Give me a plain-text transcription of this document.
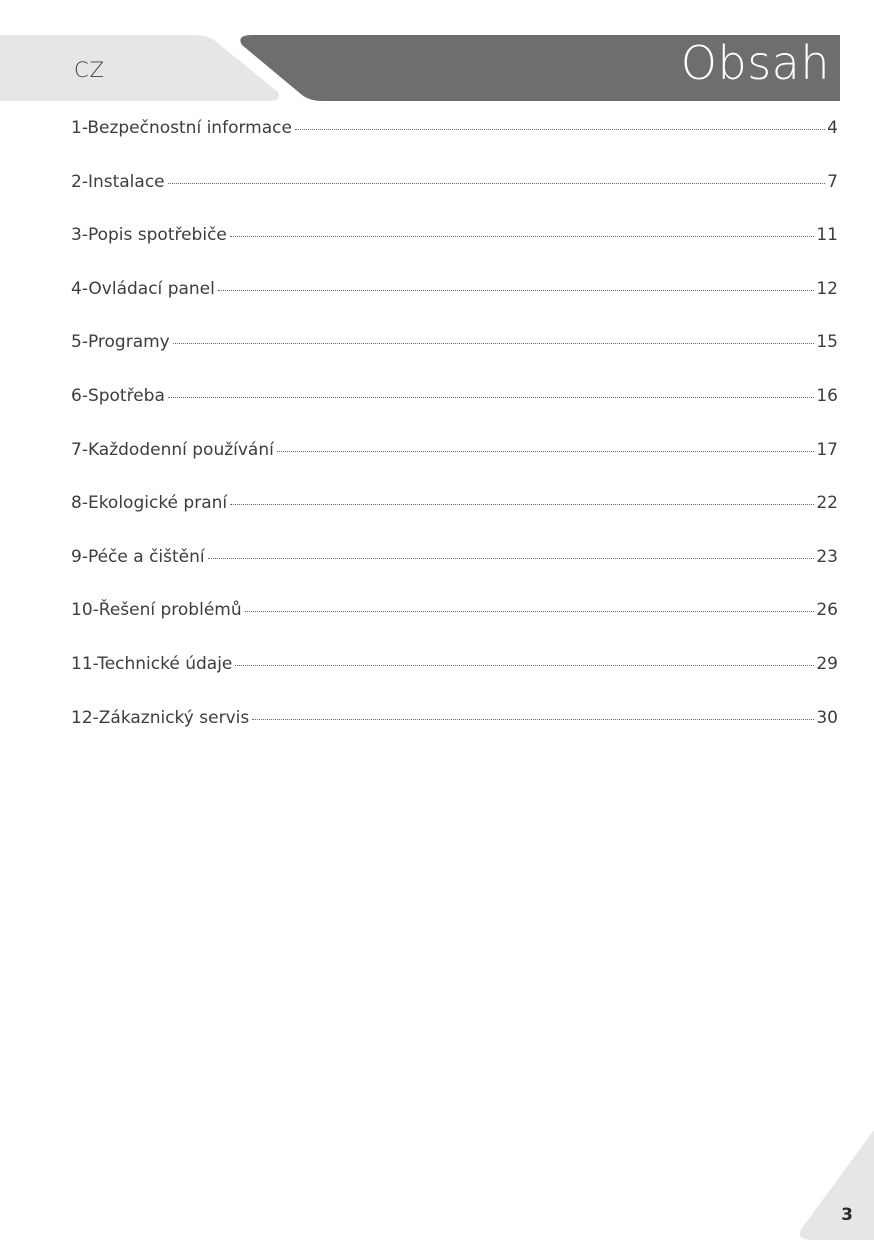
CZ	Obsah
1-Bezpečnostní informace	4
2-Instalace	7
3-Popis spotřebiče	11
4-Ovládací panel	12
5-Programy	15
6-Spotřeba	16
7-Každodenní používání	17
8-Ekologické praní	22
9-Péče a čištění	23
10-Řešení problémů	26
11-Technické údaje	29
12-Zákaznický servis	30
3
